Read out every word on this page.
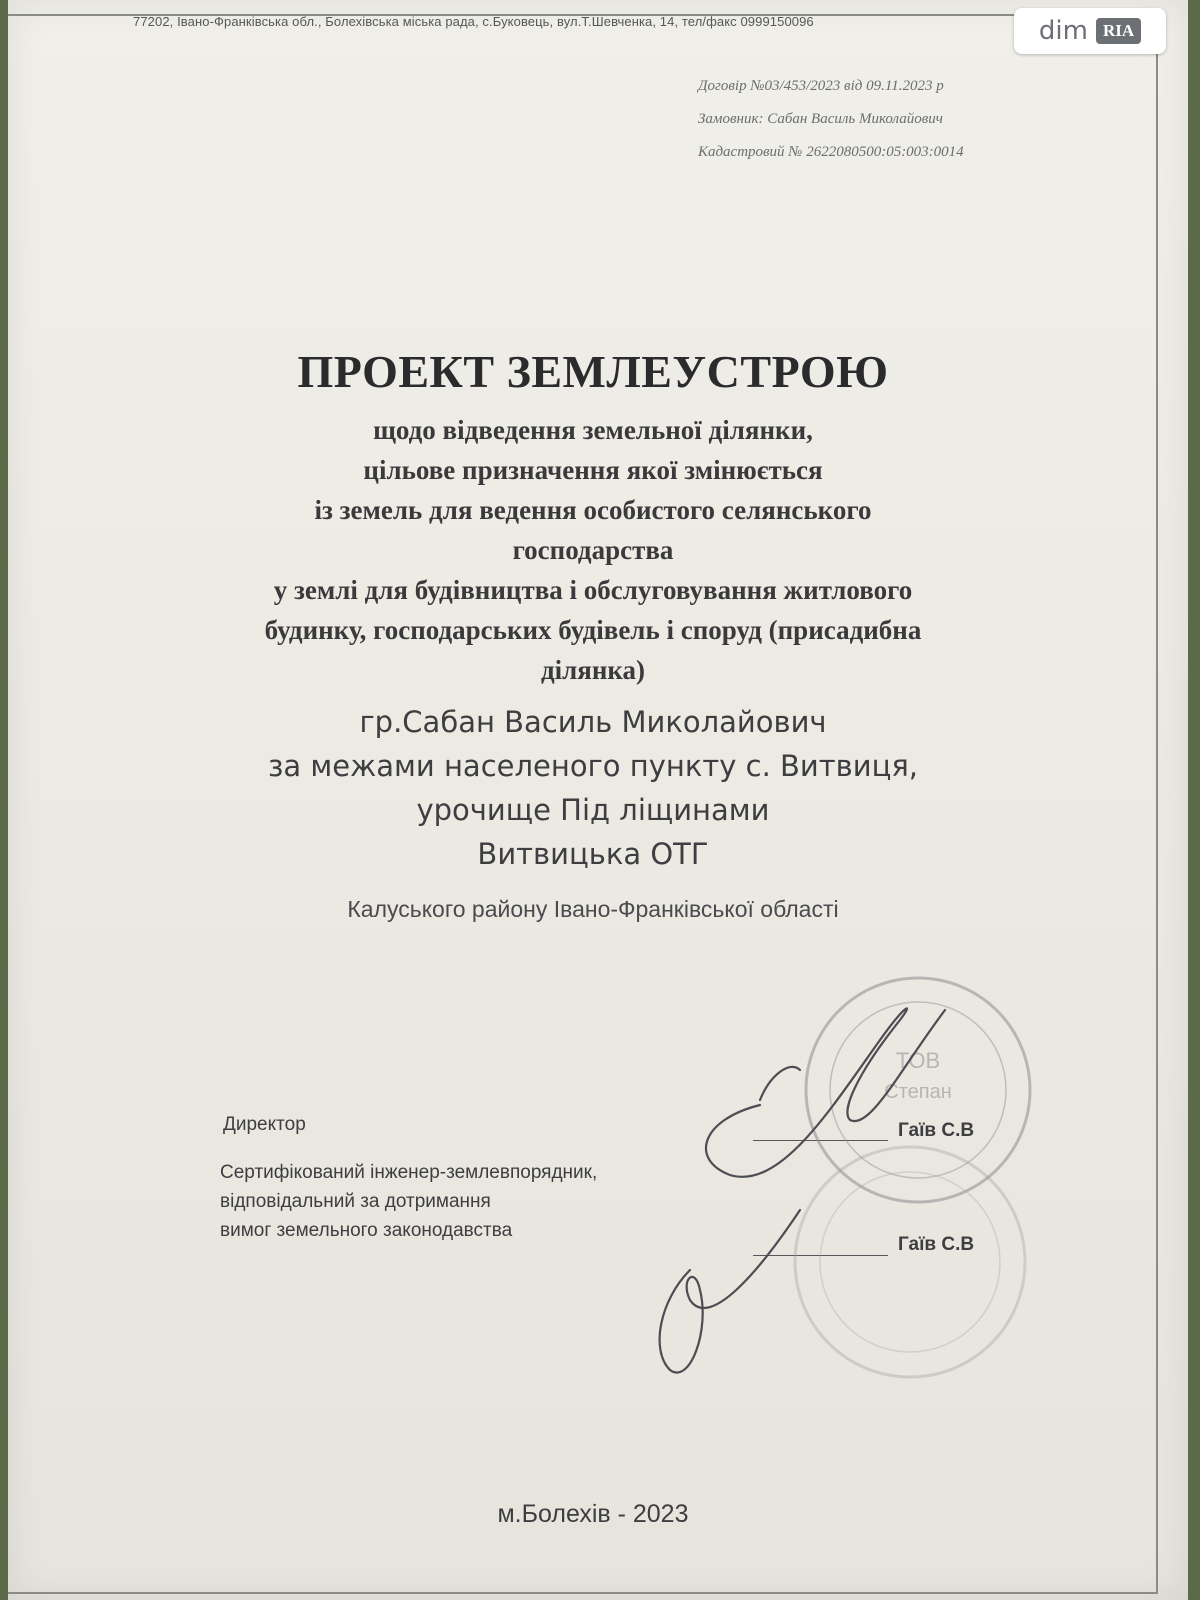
77202, Івано-Франківська обл., Болехівська міська рада, с.Буковець, вул.Т.Шевченка, 14, тел/факс 0999150096
Договір №03/453/2023 від 09.11.2023 р
Замовник: Сабан Василь Миколайович
Кадастровий № 2622080500:05:003:0014
ПРОЕКТ ЗЕМЛЕУСТРОЮ
щодо відведення земельної ділянки,
цільове призначення якої змінюється
із земель для ведення особистого селянського
господарства
у землі для будівництва і обслуговування житлового
будинку, господарських будівель і споруд (присадибна
ділянка)
гр.Сабан Василь Миколайович
за межами населеного пункту с. Витвиця,
урочище Під ліщинами
Витвицька ОТГ
Калуського району Івано-Франківської області
Директор
Сертифікований інженер-землевпорядник,
відповідальний за дотримання
вимог земельного законодавства
Гаїв С.В
Гаїв С.В
м.Болехів - 2023
ТОВ
Степан
dim RIA
